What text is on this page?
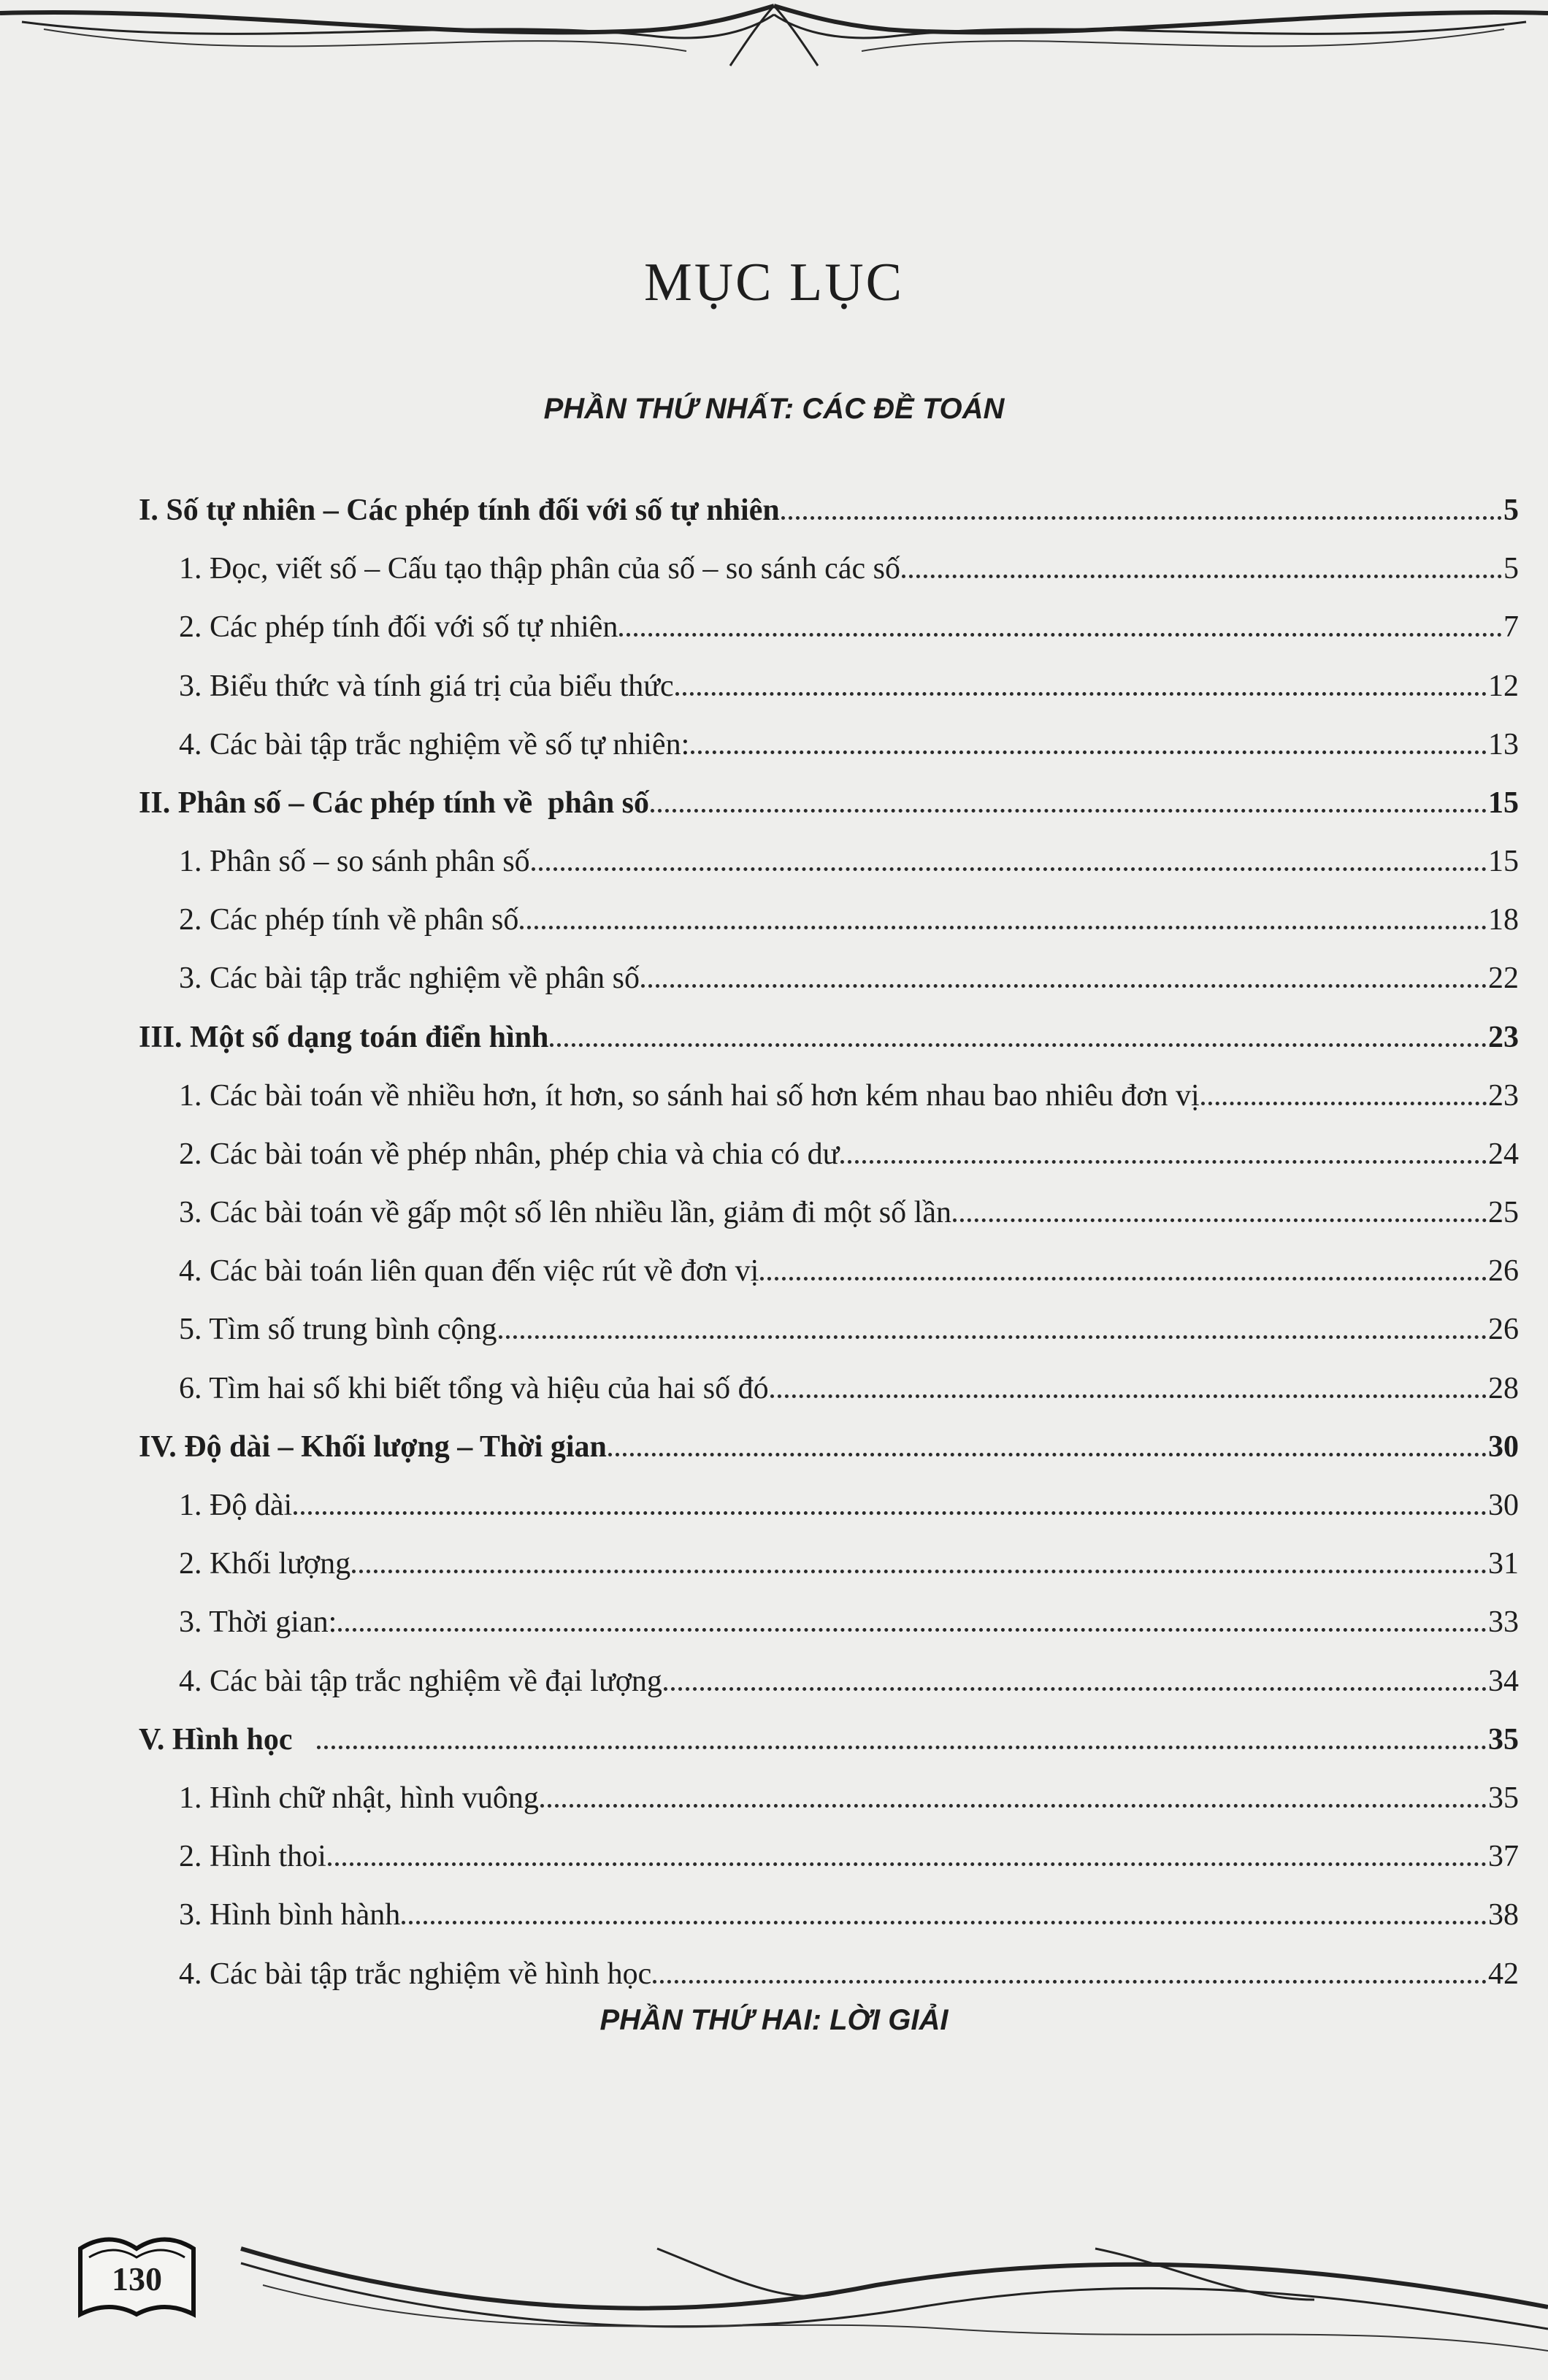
MỤC LỤC
PHẦN THỨ NHẤT: CÁC ĐỀ TOÁN
I. Số tự nhiên – Các phép tính đối với số tự nhiên	5
1. Đọc, viết số – Cấu tạo thập phân của số – so sánh các số	5
2. Các phép tính đối với số tự nhiên	7
3. Biểu thức và tính giá trị của biểu thức	12
4. Các bài tập trắc nghiệm về số tự nhiên:	13
II. Phân số – Các phép tính về  phân số	15
1. Phân số – so sánh phân số	15
2. Các phép tính về phân số	18
3. Các bài tập trắc nghiệm về phân số	22
III. Một số dạng toán điển hình	23
1. Các bài toán về nhiều hơn, ít hơn, so sánh hai số hơn kém nhau bao nhiêu đơn vị	23
2. Các bài toán về phép nhân, phép chia và chia có dư	24
3. Các bài toán về gấp một số lên nhiều lần, giảm đi một số lần	25
4. Các bài toán liên quan đến việc rút về đơn vị	26
5. Tìm số trung bình cộng	26
6. Tìm hai số khi biết tổng và hiệu của hai số đó	28
IV. Độ dài – Khối lượng – Thời gian	30
1. Độ dài	30
2. Khối lượng	31
3. Thời gian:	33
4. Các bài tập trắc nghiệm về đại lượng	34
V. Hình học	35
1. Hình chữ nhật, hình vuông	35
2. Hình thoi	37
3. Hình bình hành	38
4. Các bài tập trắc nghiệm về hình học	42
PHẦN THỨ HAI: LỜI GIẢI
130
